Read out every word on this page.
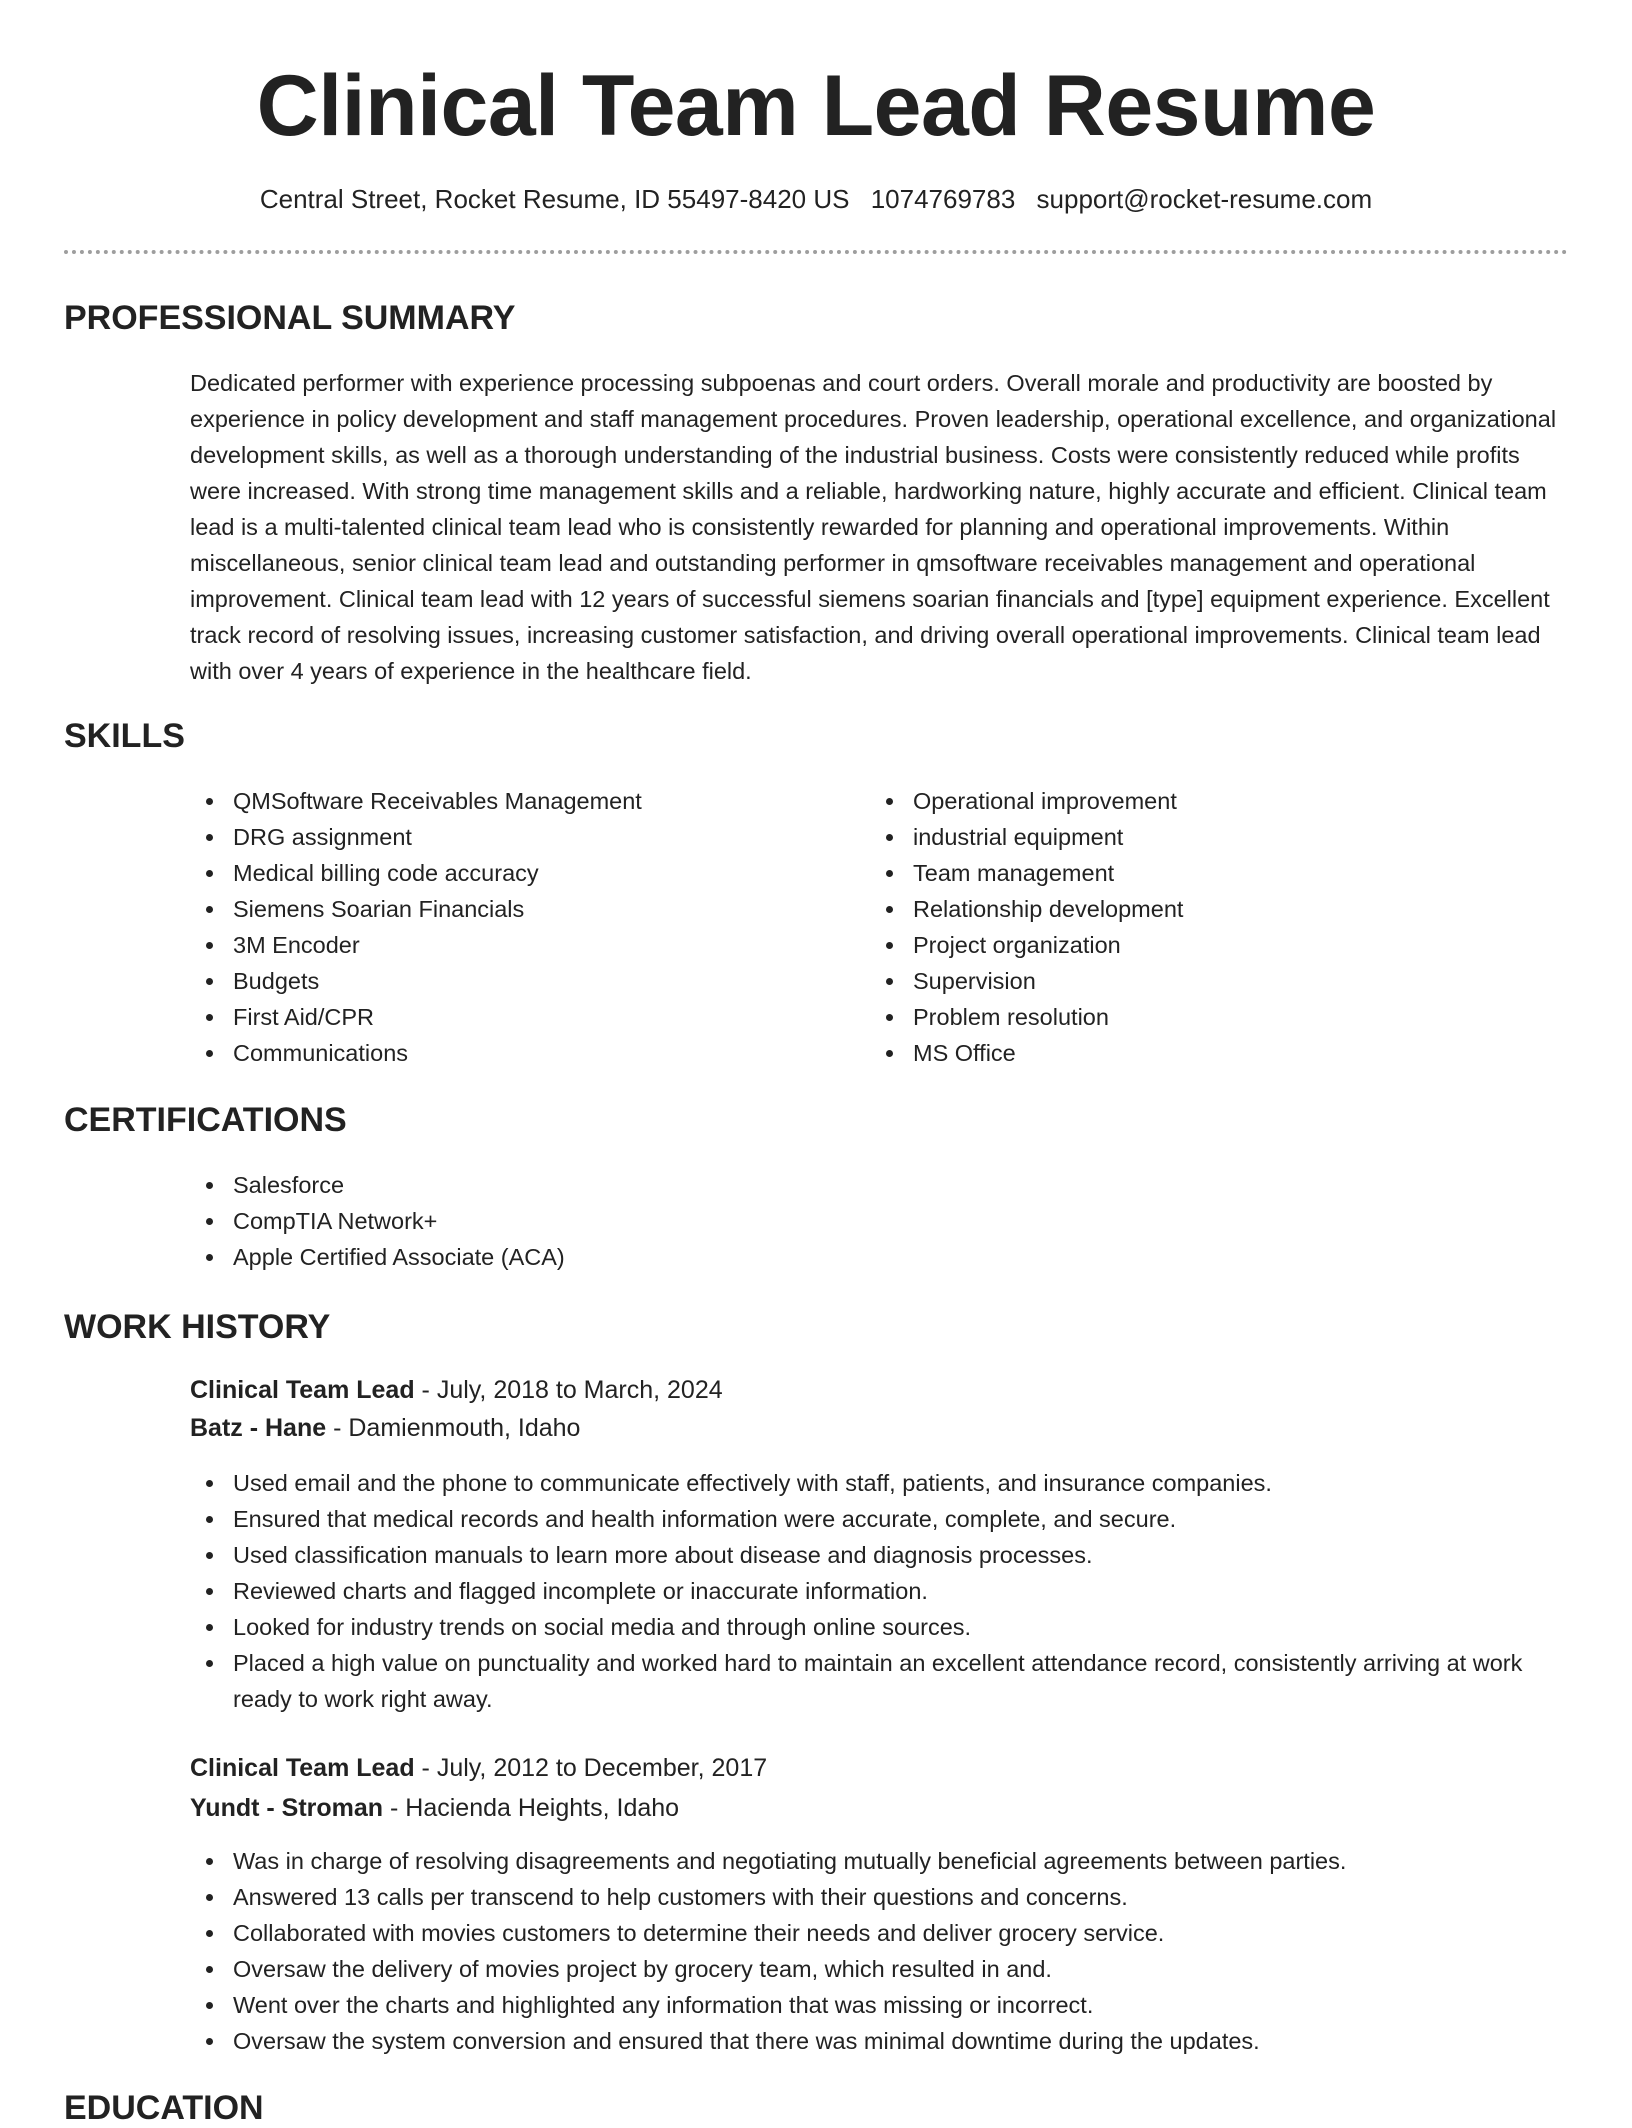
Clinical Team Lead Resume
Central Street, Rocket Resume, ID 55497-8420 US 1074769783 support@rocket-resume.com
PROFESSIONAL SUMMARY

Dedicated performer with experience processing subpoenas and court orders. Overall morale and productivity are boosted by experience in policy development and staff management procedures. Proven leadership, operational excellence, and organizational development skills, as well as a thorough understanding of the industrial business. Costs were consistently reduced while profits were increased. With strong time management skills and a reliable, hardworking nature, highly accurate and efficient. Clinical team lead is a multi-talented clinical team lead who is consistently rewarded for planning and operational improvements. Within miscellaneous, senior clinical team lead and outstanding performer in qmsoftware receivables management and operational improvement. Clinical team lead with 12 years of successful siemens soarian financials and [type] equipment experience. Excellent track record of resolving issues, increasing customer satisfaction, and driving overall operational improvements. Clinical team lead with over 4 years of experience in the healthcare field.

SKILLS
QMSoftware Receivables Management
DRG assignment
Medical billing code accuracy
Siemens Soarian Financials
3M Encoder
Budgets
First Aid/CPR
Communications
Operational improvement
industrial equipment
Team management
Relationship development
Project organization
Supervision
Problem resolution
MS Office
CERTIFICATIONS
Salesforce
CompTIA Network+
Apple Certified Associate (ACA)
WORK HISTORY
Clinical Team Lead - July, 2018 to March, 2024
Batz - Hane - Damienmouth, Idaho
Used email and the phone to communicate effectively with staff, patients, and insurance companies.
Ensured that medical records and health information were accurate, complete, and secure.
Used classification manuals to learn more about disease and diagnosis processes.
Reviewed charts and flagged incomplete or inaccurate information.
Looked for industry trends on social media and through online sources.
Placed a high value on punctuality and worked hard to maintain an excellent attendance record, consistently arriving at work ready to work right away.
Clinical Team Lead - July, 2012 to December, 2017
Yundt - Stroman - Hacienda Heights, Idaho
Was in charge of resolving disagreements and negotiating mutually beneficial agreements between parties.
Answered 13 calls per transcend to help customers with their questions and concerns.
Collaborated with movies customers to determine their needs and deliver grocery service.
Oversaw the delivery of movies project by grocery team, which resulted in and.
Went over the charts and highlighted any information that was missing or incorrect.
Oversaw the system conversion and ensured that there was minimal downtime during the updates.
EDUCATION
